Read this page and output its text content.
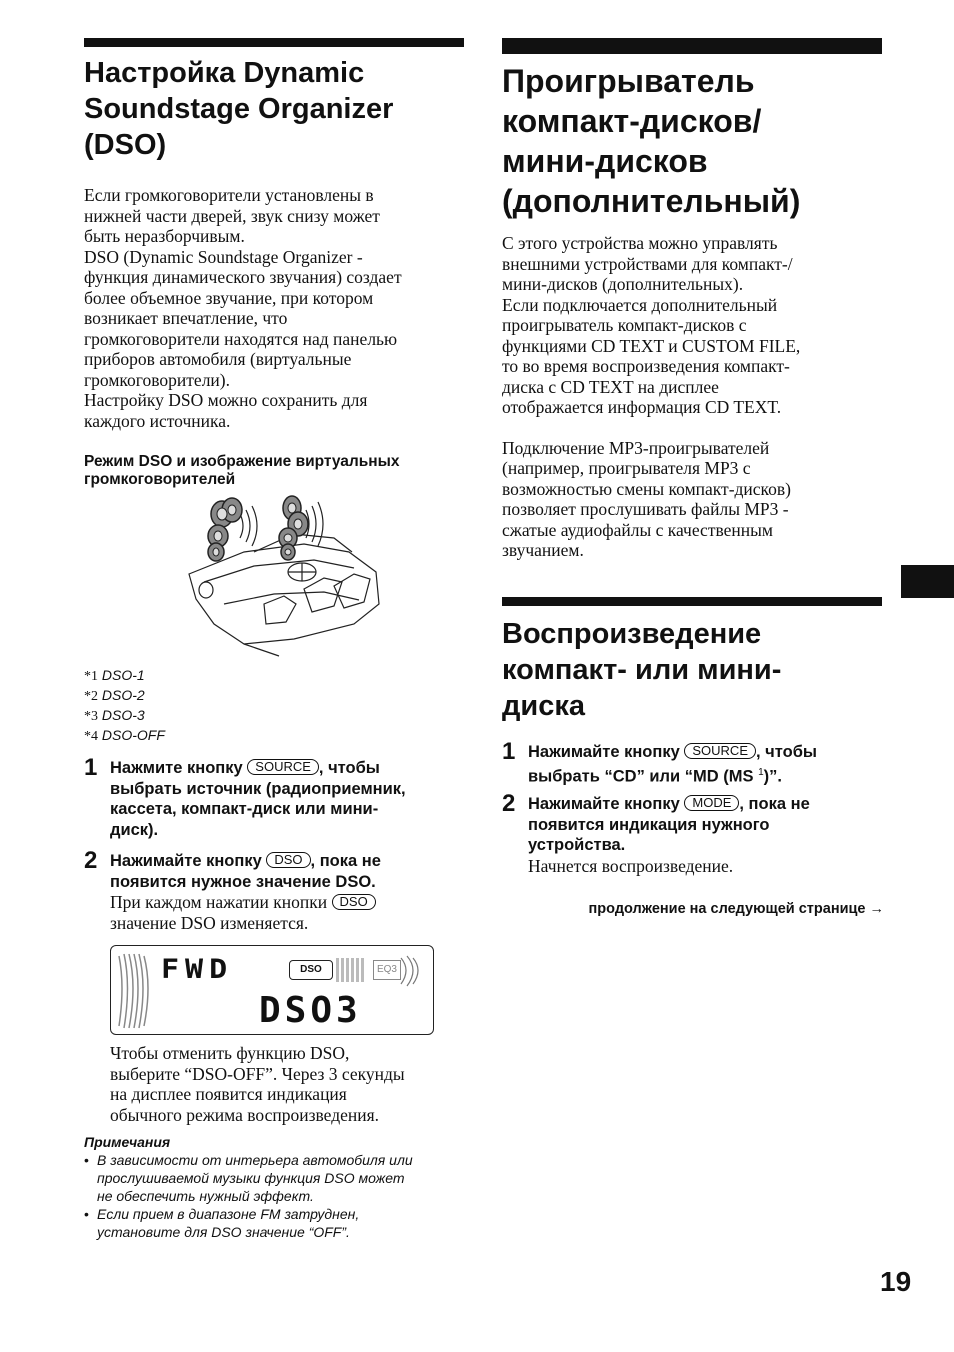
Настройка Dynamic
Soundstage Organizer
(DSO)

Если громкоговорители установлены в
нижней части дверей, звук снизу может
быть неразборчивым.
DSO (Dynamic Soundstage Organizer -
функция динамического звучания) создает
более объемное звучание, при котором
возникает впечатление, что
громкоговорители находятся над панелью
приборов автомобиля (виртуальные
громкоговорители).
Настройку DSO можно сохранить для
каждого источника.

Режим DSO и изображение виртуальных
громкоговорителей

*1 DSO-1
*2 DSO-2
*3 DSO-3
*4 DSO-OFF
1 Нажмите кнопку SOURCE , чтобы
выбрать источник (радиоприемник,
кассета, компакт-диск или мини-
диск).
2 Нажимайте кнопку DSO , пока не
появится нужное значение DSO.
При каждом нажатии кнопки DSO
значение DSO изменяется.
FWD	DSO	EQ3
DSO3

Чтобы отменить функцию DSO,
выберите “DSO-OFF”. Через 3 секунды
на дисплее появится индикация
обычного режима воспроизведения.

Примечания
• В зависимости от интерьера автомобиля или
прослушиваемой музыки функция DSO может
не обеспечить нужный эффект.
• Если прием в диапазоне FM затруднен,
установите для DSO значение “OFF”.
Проигрыватель
компакт-дисков/
мини-дисков
(дополнительный)

С этого устройства можно управлять
внешними устройствами для компакт-/
мини-дисков (дополнительных).
Если подключается дополнительный
проигрыватель компакт-дисков с
функциями CD TEXT и CUSTOM FILE,
то во время воспроизведения компакт-
диска с CD TEXT на дисплее
отображается информация CD TEXT.

Подключение MP3-проигрывателей
(например, проигрывателя MP3 с
возможностью смены компакт-дисков)
позволяет прослушивать файлы MP3 -
сжатые аудиофайлы с качественным
звучанием.

Воспроизведение
компакт- или мини-
диска
1 Нажимайте кнопку SOURCE , чтобы
выбрать “CD” или “MD (MS $^1$)”.
2 Нажимайте кнопку MODE , пока не
появится индикация нужного
устройства.
Начнется воспроизведение.
продолжение на следующей странице →
19
